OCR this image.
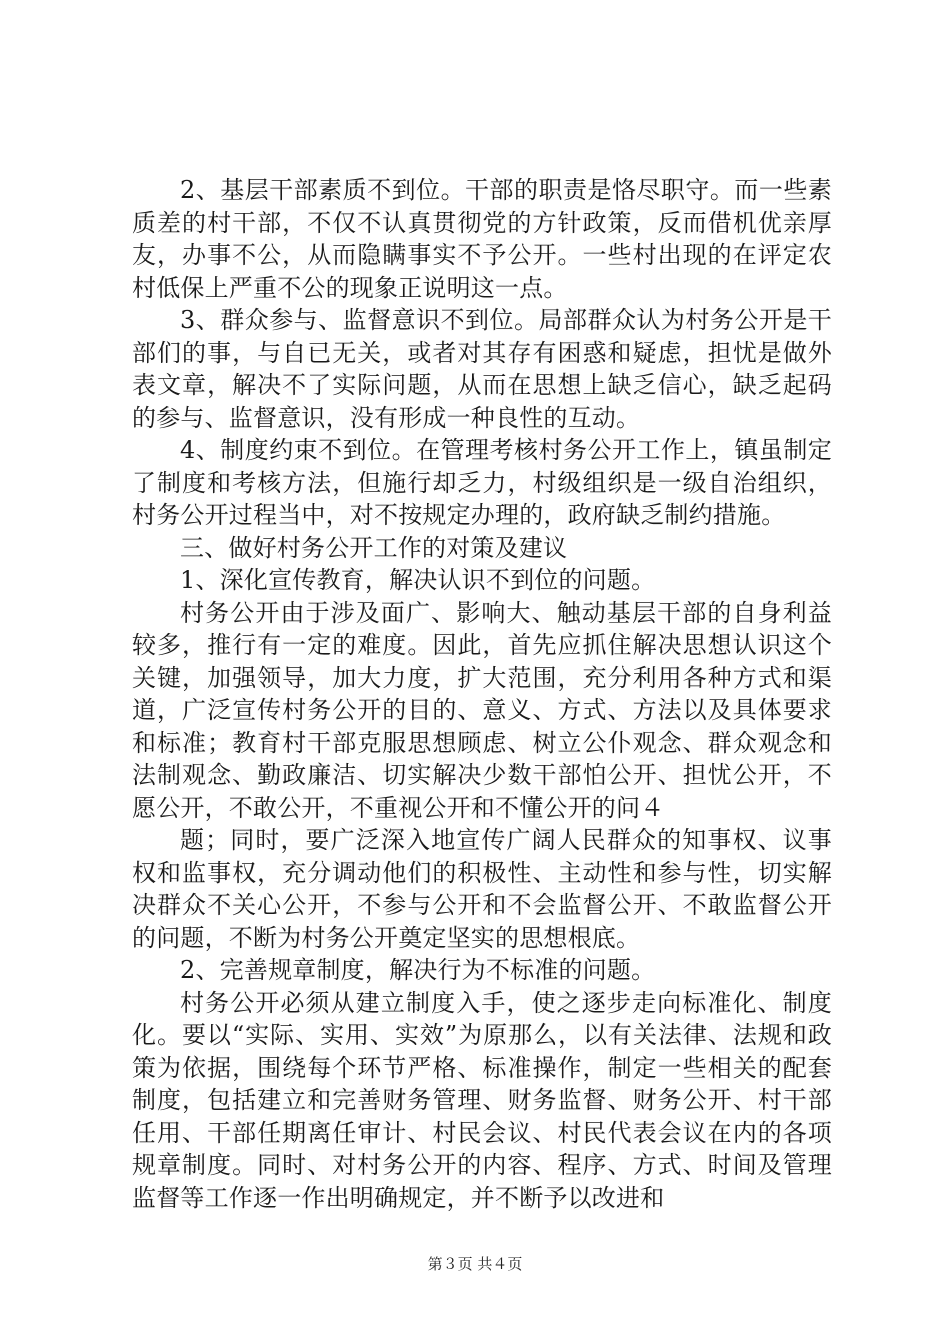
2、基层干部素质不到位。干部的职责是恪尽职守。而一些素质差的村干部，不仅不认真贯彻党的方针政策，反而借机优亲厚友，办事不公，从而隐瞒事实不予公开。一些村出现的在评定农村低保上严重不公的现象正说明这一点。

3、群众参与、监督意识不到位。局部群众认为村务公开是干部们的事，与自已无关，或者对其存有困惑和疑虑，担忧是做外表文章，解决不了实际问题，从而在思想上缺乏信心，缺乏起码的参与、监督意识，没有形成一种良性的互动。

4、制度约束不到位。在管理考核村务公开工作上，镇虽制定了制度和考核方法，但施行却乏力，村级组织是一级自治组织，村务公开过程当中，对不按规定办理的，政府缺乏制约措施。

三、做好村务公开工作的对策及建议

1、深化宣传教育，解决认识不到位的问题。

村务公开由于涉及面广、影响大、触动基层干部的自身利益较多，推行有一定的难度。因此，首先应抓住解决思想认识这个关键，加强领导，加大力度，扩大范围，充分利用各种方式和渠道，广泛宣传村务公开的目的、意义、方式、方法以及具体要求和标准；教育村干部克服思想顾虑、树立公仆观念、群众观念和法制观念、勤政廉洁、切实解决少数干部怕公开、担忧公开，不愿公开，不敢公开，不重视公开和不懂公开的问４

题；同时，要广泛深入地宣传广阔人民群众的知事权、议事权和监事权，充分调动他们的积极性、主动性和参与性，切实解决群众不关心公开，不参与公开和不会监督公开、不敢监督公开的问题，不断为村务公开奠定坚实的思想根底。

2、完善规章制度，解决行为不标准的问题。

村务公开必须从建立制度入手，使之逐步走向标准化、制度化。要以“实际、实用、实效”为原那么，以有关法律、法规和政策为依据，围绕每个环节严格、标准操作，制定一些相关的配套制度，包括建立和完善财务管理、财务监督、财务公开、村干部任用、干部任期离任审计、村民会议、村民代表会议在内的各项规章制度。同时、对村务公开的内容、程序、方式、时间及管理监督等工作逐一作出明确规定，并不断予以改进和

第３页 共４页
